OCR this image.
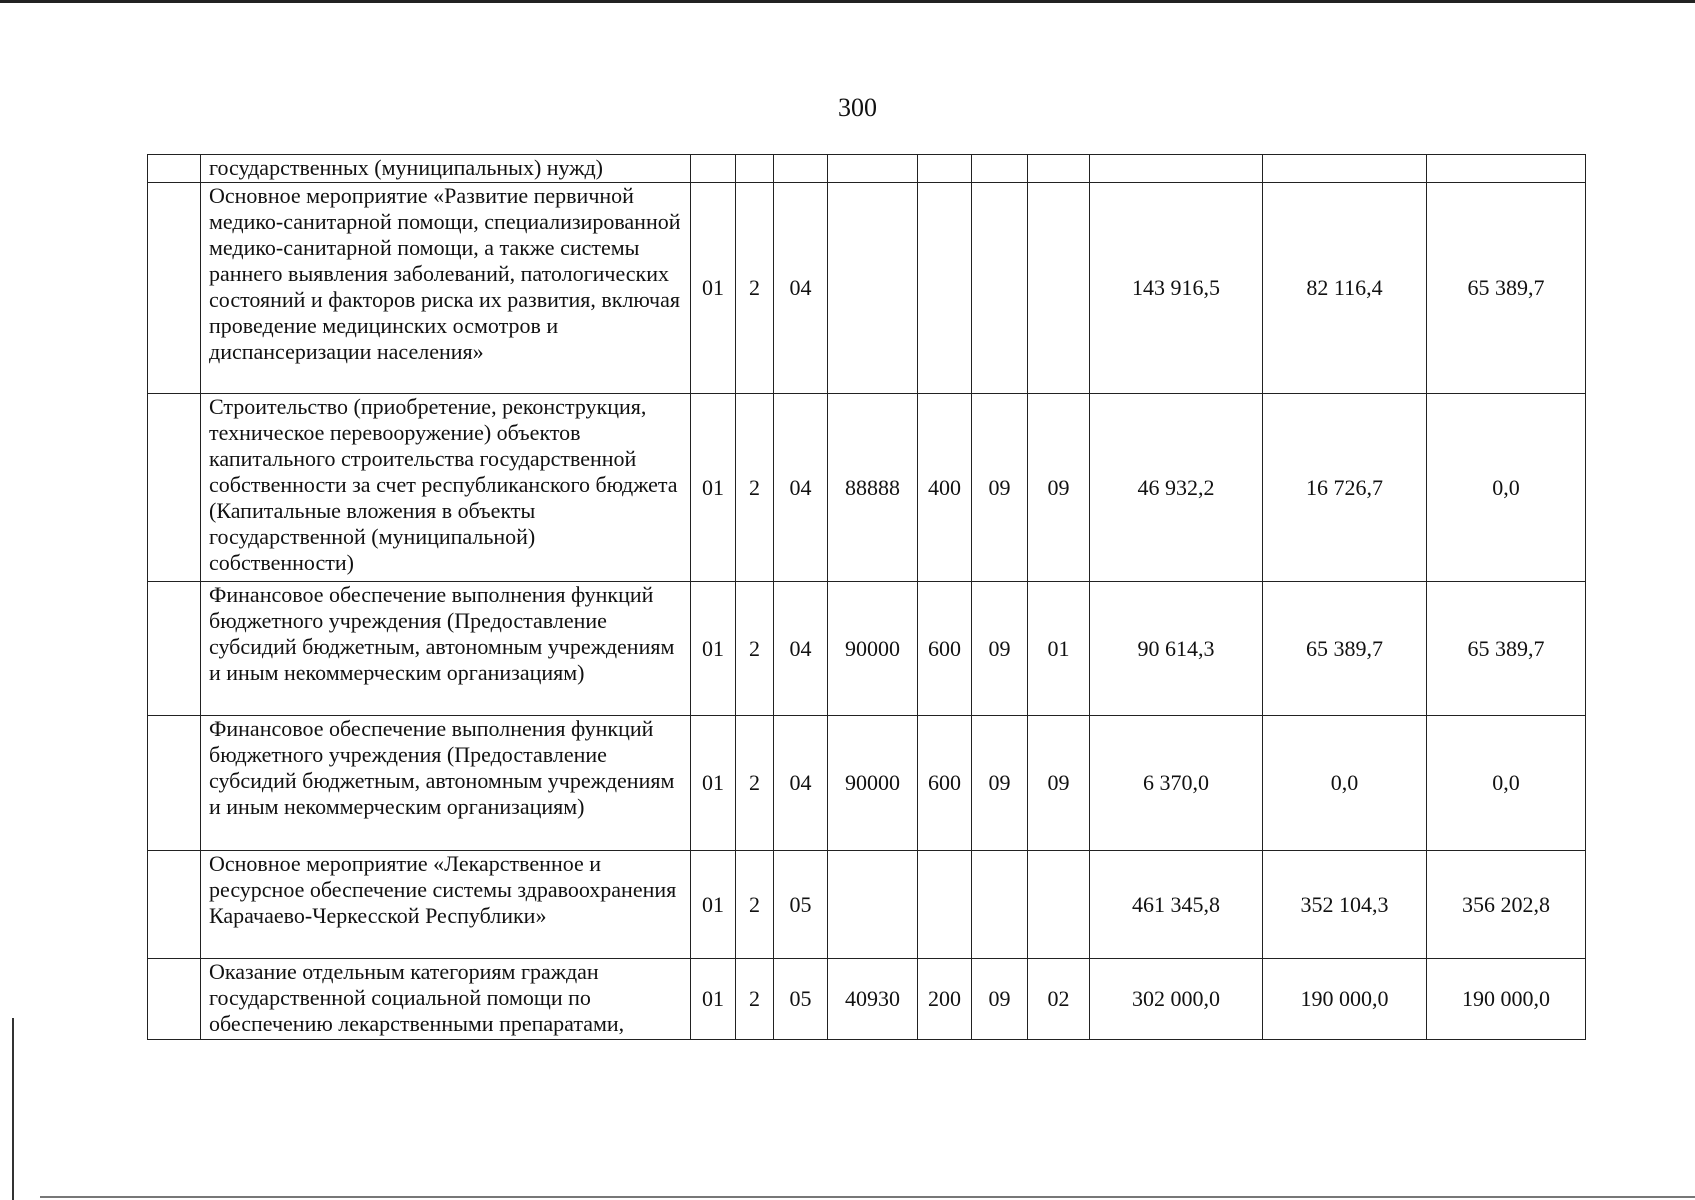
300
	государственных (муниципальных) нужд)										
	Основное мероприятие «Развитие первичной медико-санитарной помощи, специализированной медико-санитарной помощи, а также системы раннего выявления заболеваний, патологических состояний и факторов риска их развития, включая проведение медицинских осмотров и диспансеризации населения»	01	2	04					143 916,5	82 116,4	65 389,7
	Строительство (приобретение, реконструкция, техническое перевооружение) объектов капитального строительства государственной собственности за счет республиканского бюджета (Капитальные вложения в объекты государственной (муниципальной) собственности)	01	2	04	88888	400	09	09	46 932,2	16 726,7	0,0
	Финансовое обеспечение выполнения функций бюджетного учреждения (Предоставление субсидий бюджетным, автономным учреждениям и иным некоммерческим организациям)	01	2	04	90000	600	09	01	90 614,3	65 389,7	65 389,7
	Финансовое обеспечение выполнения функций бюджетного учреждения (Предоставление субсидий бюджетным, автономным учреждениям и иным некоммерческим организациям)	01	2	04	90000	600	09	09	6 370,0	0,0	0,0
	Основное мероприятие «Лекарственное и ресурсное обеспечение системы здравоохранения Карачаево-Черкесской Республики»	01	2	05					461 345,8	352 104,3	356 202,8
	Оказание отдельным категориям граждан государственной социальной помощи по обеспечению лекарственными препаратами,	01	2	05	40930	200	09	02	302 000,0	190 000,0	190 000,0
